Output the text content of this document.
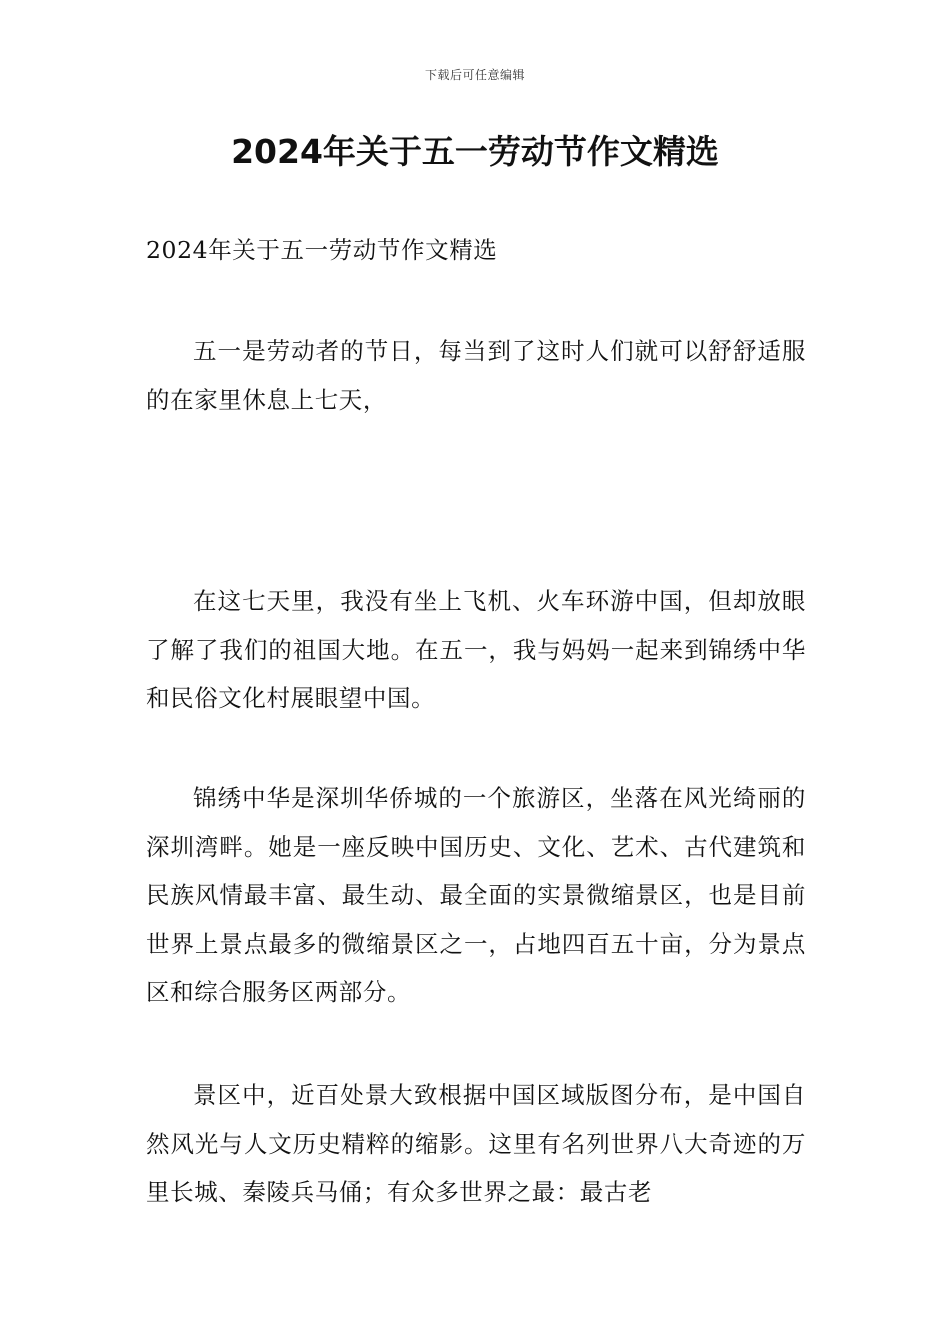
下载后可任意编辑
2024年关于五一劳动节作文精选
2024年关于五一劳动节作文精选

五一是劳动者的节日，每当到了这时人们就可以舒舒适服的在家里休息上七天，

在这七天里，我没有坐上飞机、火车环游中国，但却放眼了解了我们的祖国大地。在五一，我与妈妈一起来到锦绣中华和民俗文化村展眼望中国。

锦绣中华是深圳华侨城的一个旅游区，坐落在风光绮丽的深圳湾畔。她是一座反映中国历史、文化、艺术、古代建筑和民族风情最丰富、最生动、最全面的实景微缩景区，也是目前世界上景点最多的微缩景区之一，占地四百五十亩，分为景点区和综合服务区两部分。

景区中，近百处景大致根据中国区域版图分布，是中国自然风光与人文历史精粹的缩影。这里有名列世界八大奇迹的万里长城、秦陵兵马俑；有众多世界之最：最古老
